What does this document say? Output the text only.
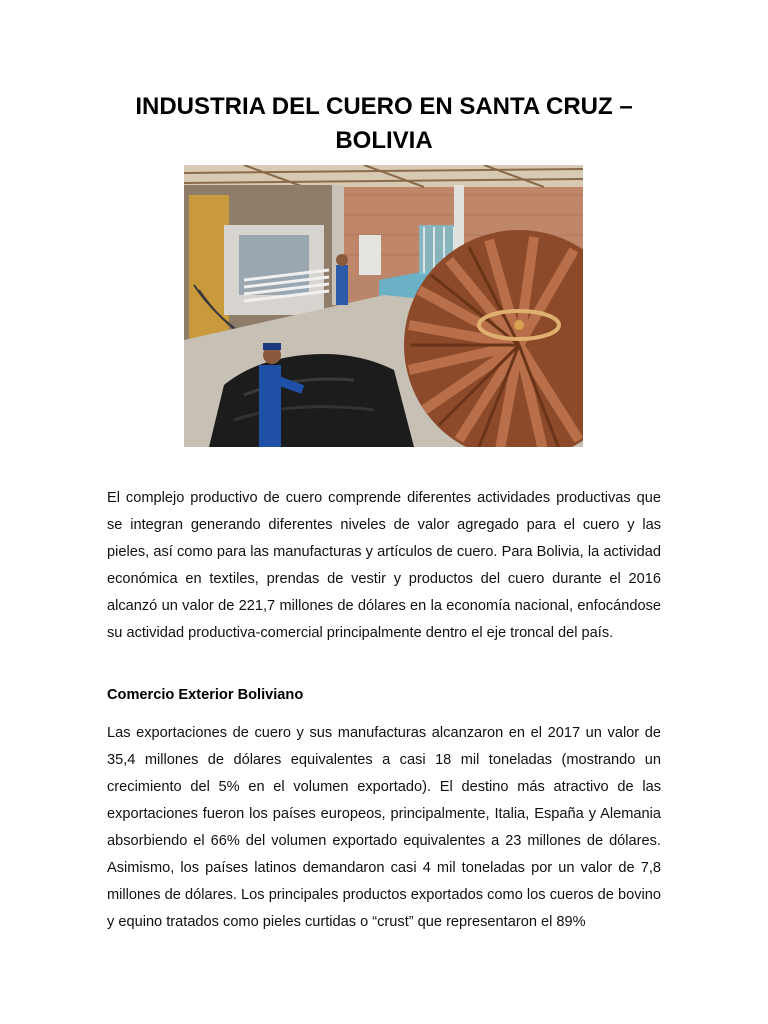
INDUSTRIA DEL CUERO EN SANTA CRUZ – BOLIVIA

El complejo productivo de cuero comprende diferentes actividades productivas que se integran generando diferentes niveles de valor agregado para el cuero y las pieles, así como para las manufacturas y artículos de cuero. Para Bolivia, la actividad económica en textiles, prendas de vestir y productos del cuero durante el 2016 alcanzó un valor de 221,7 millones de dólares en la economía nacional, enfocándose su actividad productiva-comercial principalmente dentro el eje troncal del país.

Comercio Exterior Boliviano

Las exportaciones de cuero y sus manufacturas alcanzaron en el 2017 un valor de 35,4 millones de dólares equivalentes a casi 18 mil toneladas (mostrando un crecimiento del 5% en el volumen exportado). El destino más atractivo de las exportaciones fueron los países europeos, principalmente, Italia, España y Alemania absorbiendo el 66% del volumen exportado equivalentes a 23 millones de dólares. Asimismo, los países latinos demandaron casi 4 mil toneladas por un valor de 7,8 millones de dólares. Los principales productos exportados como los cueros de bovino y equino tratados como pieles curtidas o “crust” que representaron el 89%
